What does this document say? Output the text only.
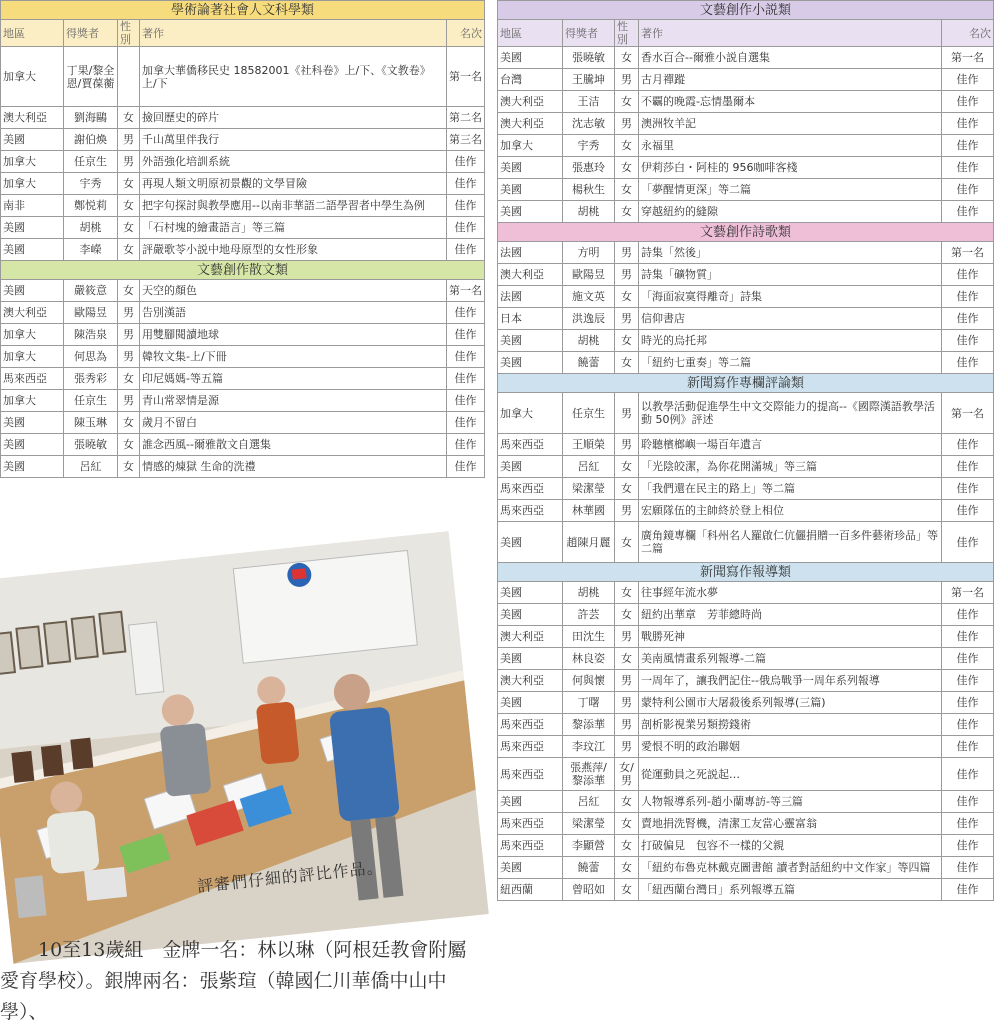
學術論著社會人文科學類				
地區	得獎者	性別	著作	名次
加拿大	丁果/黎全恩/賈葆蘅		加拿大華僑移民史 18582001《社科卷》上/下、《文教卷》上/下	第一名
澳大利亞	劉海鷗	女	撿回歷史的碎片	第二名
美國	謝伯煥	男	千山萬里伴我行	第三名
加拿大	任京生	男	外語強化培訓系統	佳作
加拿大	宇秀	女	再現人類文明原初景觀的文學冒險	佳作
南非	鄭悦莉	女	把字句探討與教學應用--以南非華語二語學習者中學生為例	佳作
美國	胡桃	女	「石村塊的繪畫語言」等三篇	佳作
美國	李嶸	女	評嚴歌苓小説中地母原型的女性形象	佳作
文藝創作散文類				
美國	嚴筱意	女	天空的顏色	第一名
澳大利亞	歐陽昱	男	告別漢語	佳作
加拿大	陳浩泉	男	用雙腳閱讀地球	佳作
加拿大	何思為	男	韓牧文集-上/下冊	佳作
馬來西亞	張秀彩	女	印尼媽媽-等五篇	佳作
加拿大	任京生	男	青山常翠情是源	佳作
美國	陳玉琳	女	歲月不留白	佳作
美國	張曉敏	女	誰念西風--爾雅散文自選集	佳作
美國	呂紅	女	情感的煉獄 生命的洗禮	佳作
文藝創作小説類				
地區	得獎者	性別	著作	名次
美國	張曉敏	女	香水百合--爾雅小説自選集	第一名
台灣	王騰坤	男	古月禪蹤	佳作
澳大利亞	王洁	女	不覊的晚霞-忘情墨爾本	佳作
澳大利亞	沈志敏	男	澳洲牧羊記	佳作
加拿大	宇秀	女	永福里	佳作
美國	張惠玲	女	伊莉莎白・阿桂的 956咖啡客棧	佳作
美國	楊秋生	女	「夢醒情更深」等二篇	佳作
美國	胡桃	女	穿越紐約的縫隙	佳作
文藝創作詩歌類				
法國	方明	男	詩集「然後」	第一名
澳大利亞	歐陽昱	男	詩集「礦物質」	佳作
法國	施文英	女	「海面寂寞得離奇」詩集	佳作
日本	洪逸辰	男	信仰書店	佳作
美國	胡桃	女	時光的烏托邦	佳作
美國	饒蕾	女	「紐約七重奏」等二篇	佳作
新聞寫作專欄評論類				
加拿大	任京生	男	以教學活動促進學生中文交際能力的提高--《國際漢語教學活動 50例》評述	第一名
馬來西亞	王順榮	男	聆聽檳榔嶼一場百年遺言	佳作
美國	呂紅	女	「光陰皎潔，為你花開滿城」等三篇	佳作
馬來西亞	梁潔瑩	女	「我們還在民主的路上」等二篇	佳作
馬來西亞	林華國	男	宏願隊伍的主帥終於登上相位	佳作
美國	趙陳月麗	女	廣角鏡專欄「科州名人羅啟仁伉儷捐贈一百多件藝術珍品」等二篇	佳作
新聞寫作報導類				
美國	胡桃	女	往事經年流水夢	第一名
美國	許芸	女	紐約出華章　芳菲總時尚	佳作
澳大利亞	田沈生	男	戰勝死神	佳作
美國	林良姿	女	美南風情畫系列報導-二篇	佳作
澳大利亞	何與懷	男	一周年了，讓我們記住--俄烏戰爭一周年系列報導	佳作
美國	丁曙	男	蒙特利公園市大屠殺後系列報導(三篇)	佳作
馬來西亞	黎添華	男	剖析影視業另類撈錢術	佳作
馬來西亞	李玟江	男	愛恨不明的政治聯姻	佳作
馬來西亞	張燕萍/黎添華	女/男	從運動員之死説起…	佳作
美國	呂紅	女	人物報導系列-趙小蘭專訪-等三篇	佳作
馬來西亞	梁潔瑩	女	賣地捐洗腎機，清潔工友當心靈富翁	佳作
馬來西亞	李顯營	女	打破偏見　包容不一樣的父親	佳作
美國	饒蕾	女	「紐約布魯克林戴克圖書館 讀者對話紐約中文作家」等四篇	佳作
紐西蘭	曾昭如	女	「紐西蘭台灣日」系列報導五篇	佳作
評審們仔細的評比作品。

10至13歲組　金牌一名：林以琳（阿根廷教會附屬愛育學校）。銀牌兩名：張紫瑄（韓國仁川華僑中山中學）、
